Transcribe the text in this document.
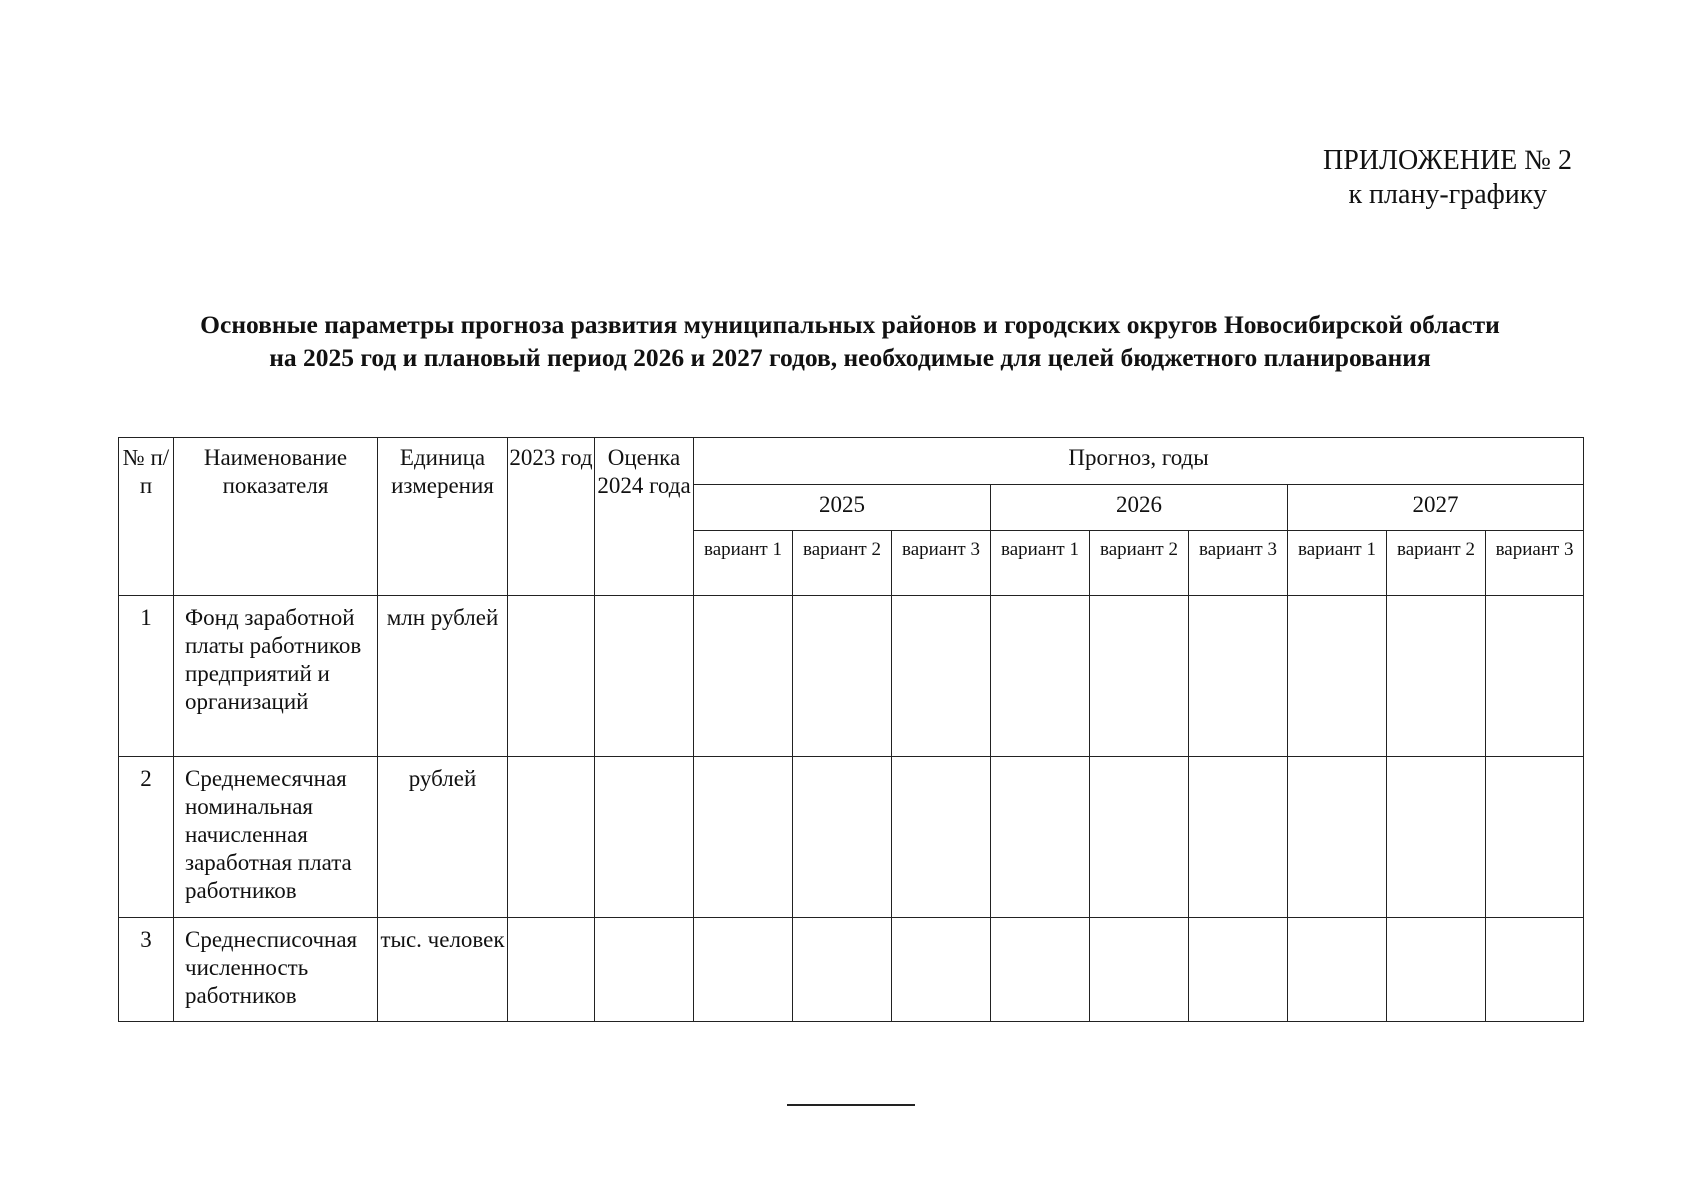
ПРИЛОЖЕНИЕ № 2

к плану-графику
Основные параметры прогноза развития муниципальных районов и городских округов Новосибирской области
на 2025 год и плановый период 2026 и 2027 годов, необходимые для целей бюджетного планирования
№ п/п	Наименование показателя	Единица измерения	2023 год	Оценка 2024 года	Прогноз, годы								
					2025			2026			2027		
					вариант 1	вариант 2	вариант 3	вариант 1	вариант 2	вариант 3	вариант 1	вариант 2	вариант 3
1	Фонд заработной платы работников предприятий и организаций	млн рублей											
2	Среднемесячная номинальная начисленная заработная плата работников	рублей											
3	Среднесписочная численность работников	тыс. человек											
